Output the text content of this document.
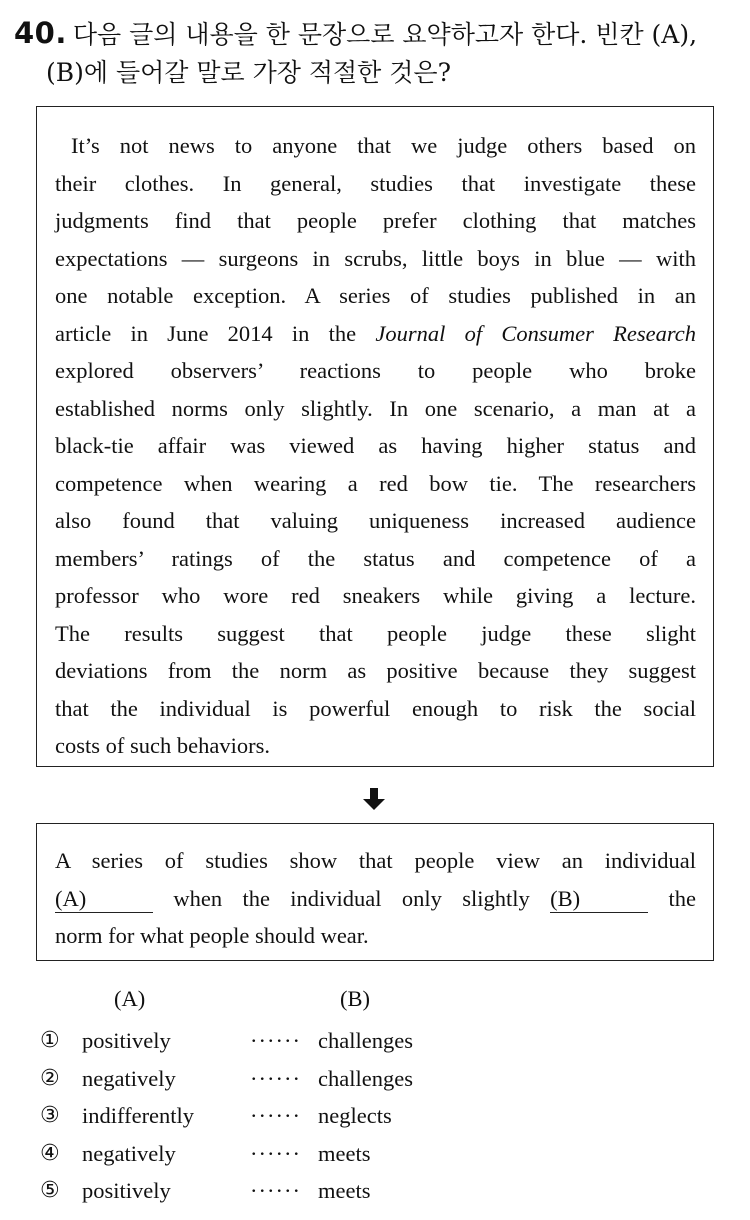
40. 다음 글의 내용을 한 문장으로 요약하고자 한다. 빈칸 (A),
(B)에 들어갈 말로 가장 적절한 것은?
It’s not news to anyone that we judge others based on
their clothes. In general, studies that investigate these
judgments find that people prefer clothing that matches
expectations — surgeons in scrubs, little boys in blue — with
one notable exception. A series of studies published in an
article in June 2014 in the Journal of Consumer Research
explored observers’ reactions to people who broke
established norms only slightly. In one scenario, a man at a
black-tie affair was viewed as having higher status and
competence when wearing a red bow tie. The researchers
also found that valuing uniqueness increased audience
members’ ratings of the status and competence of a
professor who wore red sneakers while giving a lecture.
The results suggest that people judge these slight
deviations from the norm as positive because they suggest
that the individual is powerful enough to risk the social
costs of such behaviors.
A series of studies show that people view an individual
(A)	when the individual only slightly (B)	the
norm for what people should wear.
(A)	(B)
① positively	······ challenges
② negatively	······ challenges
③ indifferently ······ neglects
④ negatively	······ meets
⑤ positively	······ meets
